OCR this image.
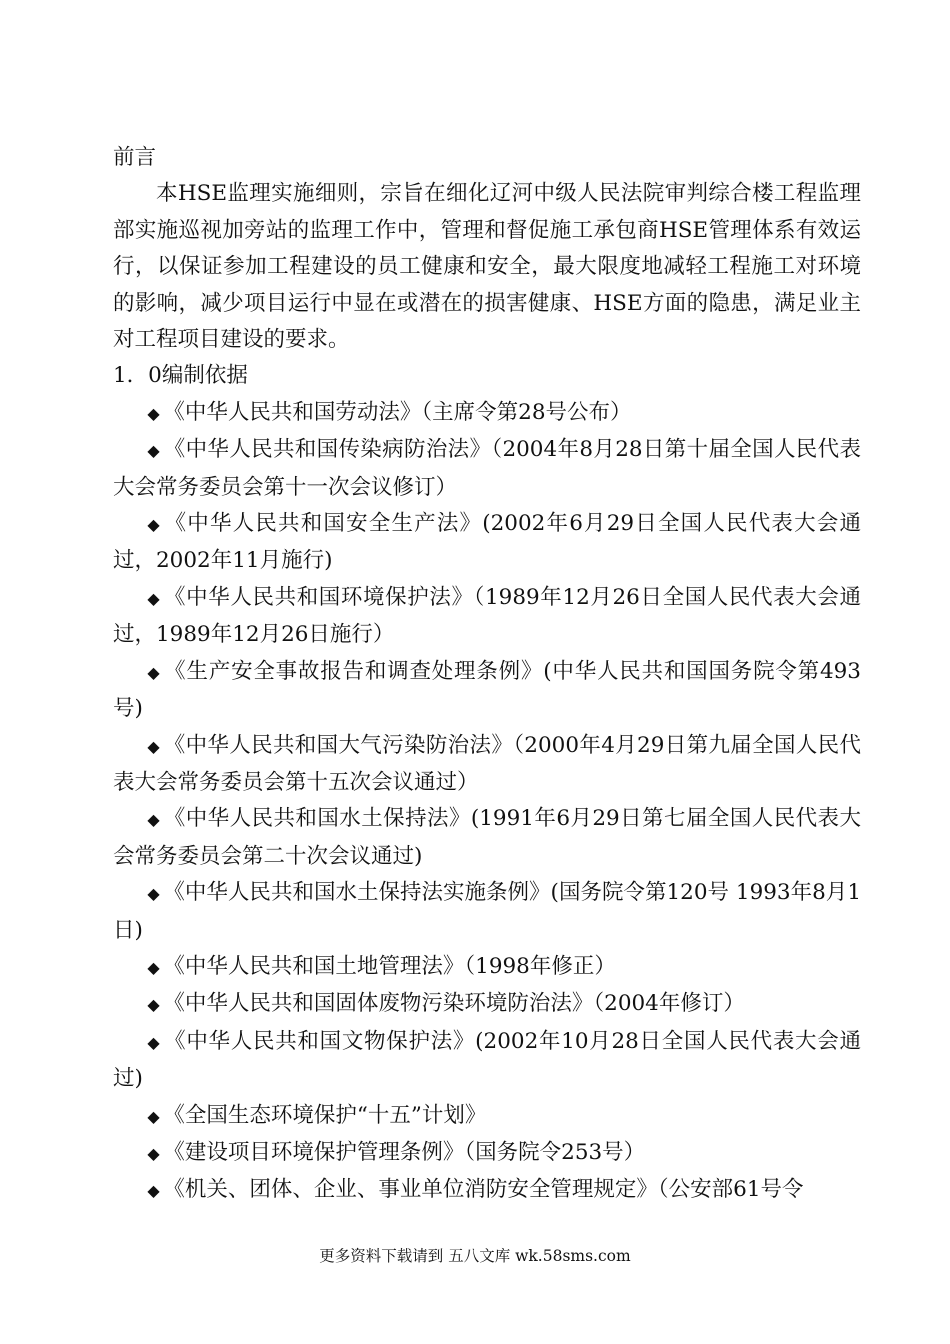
前言

本HSE监理实施细则，宗旨在细化辽河中级人民法院审判综合楼工程监理部实施巡视加旁站的监理工作中，管理和督促施工承包商HSE管理体系有效运行，以保证参加工程建设的员工健康和安全，最大限度地减轻工程施工对环境的影响，减少项目运行中显在或潜在的损害健康、HSE方面的隐患，满足业主对工程项目建设的要求。

1．0编制依据

◆ 《中华人民共和国劳动法》（主席令第28号公布）
◆ 《中华人民共和国传染病防治法》（2004年8月28日第十届全国人民代表大会常务委员会第十一次会议修订）
◆ 《中华人民共和国安全生产法》(2002年6月29日全国人民代表大会通过，2002年11月施行)
◆ 《中华人民共和国环境保护法》（1989年12月26日全国人民代表大会通过，1989年12月26日施行）
◆ 《生产安全事故报告和调查处理条例》(中华人民共和国国务院令第493号)
◆ 《中华人民共和国大气污染防治法》（2000年4月29日第九届全国人民代表大会常务委员会第十五次会议通过）
◆ 《中华人民共和国水土保持法》(1991年6月29日第七届全国人民代表大会常务委员会第二十次会议通过)
◆ 《中华人民共和国水土保持法实施条例》(国务院令第120号 1993年8月1日)
◆ 《中华人民共和国土地管理法》（1998年修正）
◆ 《中华人民共和国固体废物污染环境防治法》（2004年修订）
◆ 《中华人民共和国文物保护法》(2002年10月28日全国人民代表大会通过)
◆ 《全国生态环境保护“十五”计划》
◆ 《建设项目环境保护管理条例》（国务院令253号）
◆ 《机关、团体、企业、事业单位消防安全管理规定》（公安部61号令
更多资料下载请到 五八文库 wk.58sms.com
